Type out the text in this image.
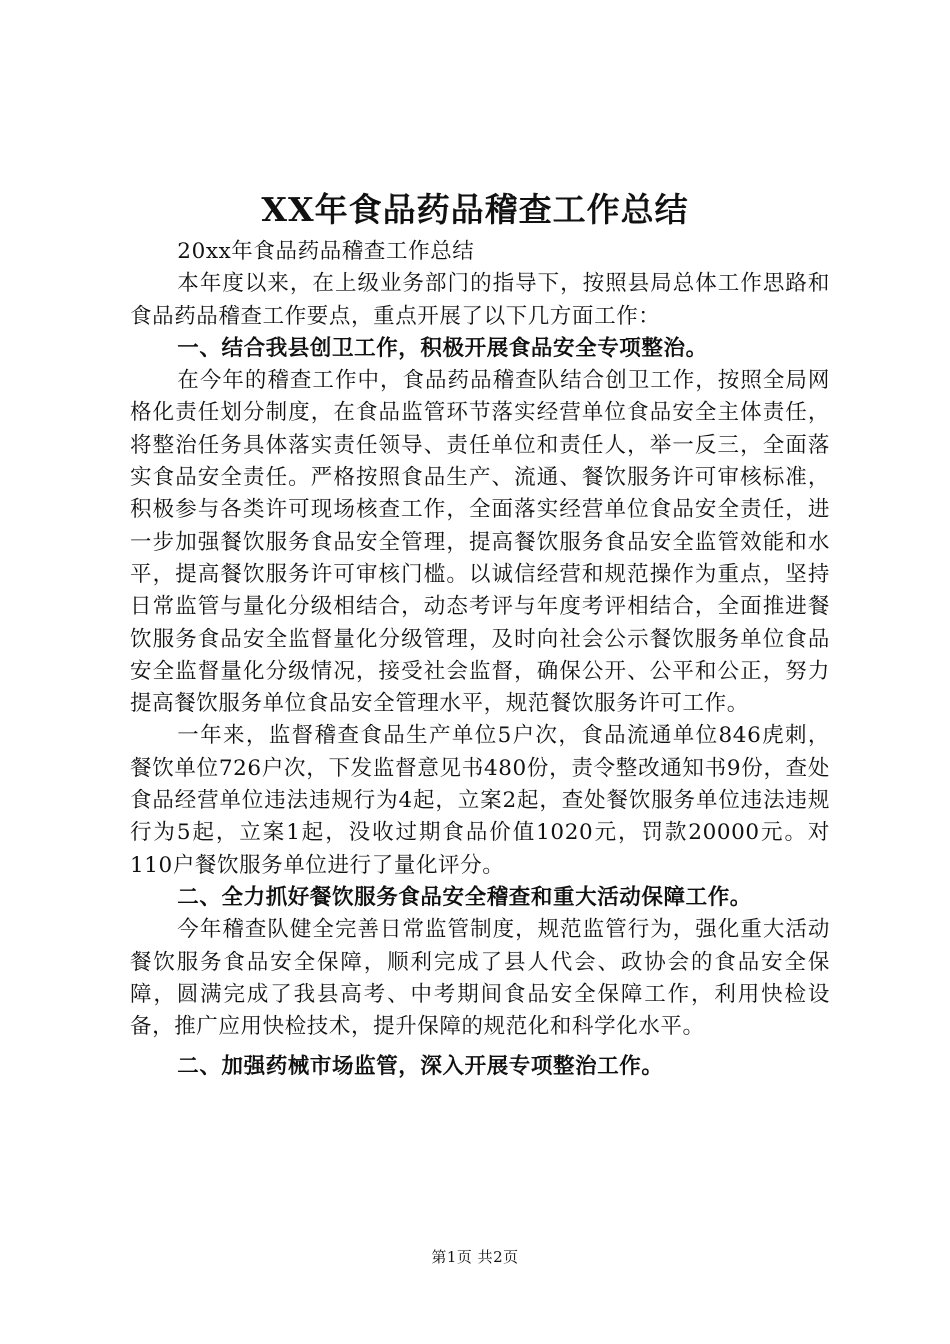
XX年食品药品稽查工作总结

20xx年食品药品稽查工作总结

本年度以来，在上级业务部门的指导下，按照县局总体工作思路和食品药品稽查工作要点，重点开展了以下几方面工作：

一、结合我县创卫工作，积极开展食品安全专项整治。

在今年的稽查工作中，食品药品稽查队结合创卫工作，按照全局网格化责任划分制度，在食品监管环节落实经营单位食品安全主体责任，将整治任务具体落实责任领导、责任单位和责任人，举一反三，全面落实食品安全责任。严格按照食品生产、流通、餐饮服务许可审核标准，积极参与各类许可现场核查工作，全面落实经营单位食品安全责任，进一步加强餐饮服务食品安全管理，提高餐饮服务食品安全监管效能和水平，提高餐饮服务许可审核门槛。以诚信经营和规范操作为重点，坚持日常监管与量化分级相结合，动态考评与年度考评相结合，全面推进餐饮服务食品安全监督量化分级管理，及时向社会公示餐饮服务单位食品安全监督量化分级情况，接受社会监督，确保公开、公平和公正，努力提高餐饮服务单位食品安全管理水平，规范餐饮服务许可工作。

一年来，监督稽查食品生产单位5户次，食品流通单位846虎刺，餐饮单位726户次，下发监督意见书480份，责令整改通知书9份，查处食品经营单位违法违规行为4起，立案2起，查处餐饮服务单位违法违规行为5起，立案1起，没收过期食品价值1020元，罚款20000元。对110户餐饮服务单位进行了量化评分。

二、全力抓好餐饮服务食品安全稽查和重大活动保障工作。

今年稽查队健全完善日常监管制度，规范监管行为，强化重大活动餐饮服务食品安全保障，顺利完成了县人代会、政协会的食品安全保障，圆满完成了我县高考、中考期间食品安全保障工作，利用快检设备，推广应用快检技术，提升保障的规范化和科学化水平。

二、加强药械市场监管，深入开展专项整治工作。

第1页 共2页
